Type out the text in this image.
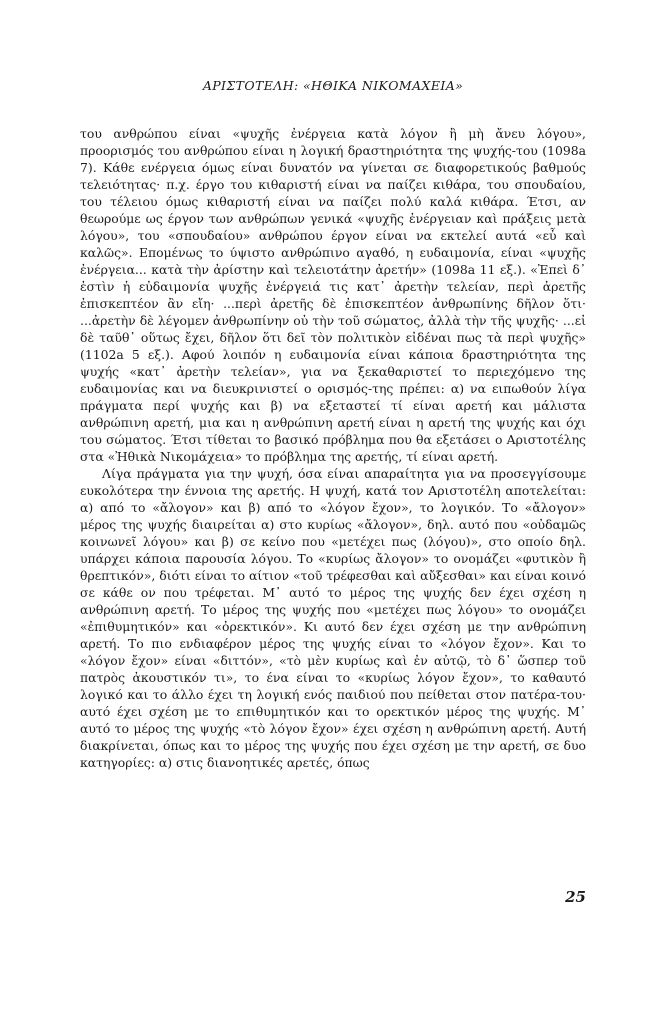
ΑΡΙΣΤΟΤΕΛΗ: «ΗΘΙΚΑ ΝΙΚΟΜΑΧΕΙΑ»

του ανθρώπου είναι «ψυχῆς ἐνέργεια κατὰ λόγον ἢ μὴ ἄνευ λόγου», προορισμός του ανθρώπου είναι η λογική δραστηριότητα της ψυχής-του (1098a 7). Κάθε ενέργεια όμως είναι δυνατόν να γίνεται σε διαφορετικούς βαθμούς τελειότητας· π.χ. έργο του κιθαριστή είναι να παίζει κιθάρα, του σπουδαίου, του τέλειου όμως κιθαριστή είναι να παίζει πολύ καλά κιθάρα. Έτσι, αν θεωρούμε ως έργον των ανθρώπων γενικά «ψυχῆς ἐνέργειαν καὶ πράξεις μετὰ λόγου», του «σπουδαίου» ανθρώπου έργον είναι να εκτελεί αυτά «εὖ καὶ καλῶς». Επομένως το ύψιστο ανθρώπινο αγαθό, η ευδαιμονία, είναι «ψυχῆς ἐνέργεια... κατὰ τὴν ἀρίστην καὶ τελειοτάτην ἀρετήν» (1098a 11 εξ.). «Ἐπεὶ δ᾽ ἐστὶν ἡ εὐδαιμονία ψυχῆς ἐνέργειά τις κατ᾽ ἀρετὴν τελείαν, περὶ ἀρετῆς ἐπισκεπτέον ἂν εἴη· ...περὶ ἀρετῆς δὲ ἐπισκεπτέον ἀνθρωπίνης δῆλον ὅτι· ...ἀρετὴν δὲ λέγομεν ἀνθρωπίνην οὐ τὴν τοῦ σώματος, ἀλλὰ τὴν τῆς ψυχῆς· ...εἰ δὲ ταῦθ᾽ οὕτως ἔχει, δῆλον ὅτι δεῖ τὸν πολιτικὸν εἰδέναι πως τὰ περὶ ψυχῆς» (1102a 5 εξ.). Αφού λοιπόν η ευδαιμονία είναι κάποια δραστηριότητα της ψυχής «κατ᾽ ἀρετὴν τελείαν», για να ξεκαθαριστεί το περιεχόμενο της ευδαιμονίας και να διευκρινιστεί ο ορισμός-της πρέπει: α) να ειπωθούν λίγα πράγματα περί ψυχής και β) να εξεταστεί τί είναι αρετή και μάλιστα ανθρώπινη αρετή, μια και η ανθρώπινη αρετή είναι η αρετή της ψυχής και όχι του σώματος. Έτσι τίθεται το βασικό πρόβλημα που θα εξετάσει ο Αριστοτέλης στα «Ἠθικὰ Νικομάχεια» το πρόβλημα της αρετής, τί είναι αρετή.

Λίγα πράγματα για την ψυχή, όσα είναι απαραίτητα για να προσεγγίσουμε ευκολότερα την έννοια της αρετής. Η ψυχή, κατά τον Αριστοτέλη αποτελείται: α) από το «ἄλογον» και β) από το «λόγον ἔχον», το λογικόν. Το «ἄλογον» μέρος της ψυχής διαιρείται α) στο κυρίως «ἄλογον», δηλ. αυτό που «οὐδαμῶς κοινωνεῖ λόγου» και β) σε κείνο που «μετέχει πως (λόγου)», στο οποίο δηλ. υπάρχει κάποια παρουσία λόγου. Το «κυρίως ἄλογον» το ονομάζει «φυτικὸν ἢ θρεπτικόν», διότι είναι το αίτιον «τοῦ τρέφεσθαι καὶ αὔξεσθαι» και είναι κοινό σε κάθε ον που τρέφεται. Μ᾽ αυτό το μέρος της ψυχής δεν έχει σχέση η ανθρώπινη αρετή. Το μέρος της ψυχής που «μετέχει πως λόγου» το ονομάζει «ἐπιθυμητικόν» και «ὀρεκτικόν». Κι αυτό δεν έχει σχέση με την ανθρώπινη αρετή. Το πιο ενδιαφέρον μέρος της ψυχής είναι το «λόγον ἔχον». Και το «λόγον ἔχον» είναι «διττόν», «τὸ μὲν κυρίως καὶ ἐν αὐτῷ, τὸ δ᾽ ὥσπερ τοῦ πατρὸς ἀκουστικόν τι», το ένα είναι το «κυρίως λόγον ἔχον», το καθαυτό λογικό και το άλλο έχει τη λογική ενός παιδιού που πείθεται στον πατέρα-του· αυτό έχει σχέση με το επιθυμητικόν και το ορεκτικόν μέρος της ψυχής. Μ᾽ αυτό το μέρος της ψυχής «τὸ λόγον ἔχον» έχει σχέση η ανθρώπινη αρετή. Αυτή διακρίνεται, όπως και το μέρος της ψυχής που έχει σχέση με την αρετή, σε δυο κατηγορίες: α) στις διανοητικές αρετές, όπως

25
